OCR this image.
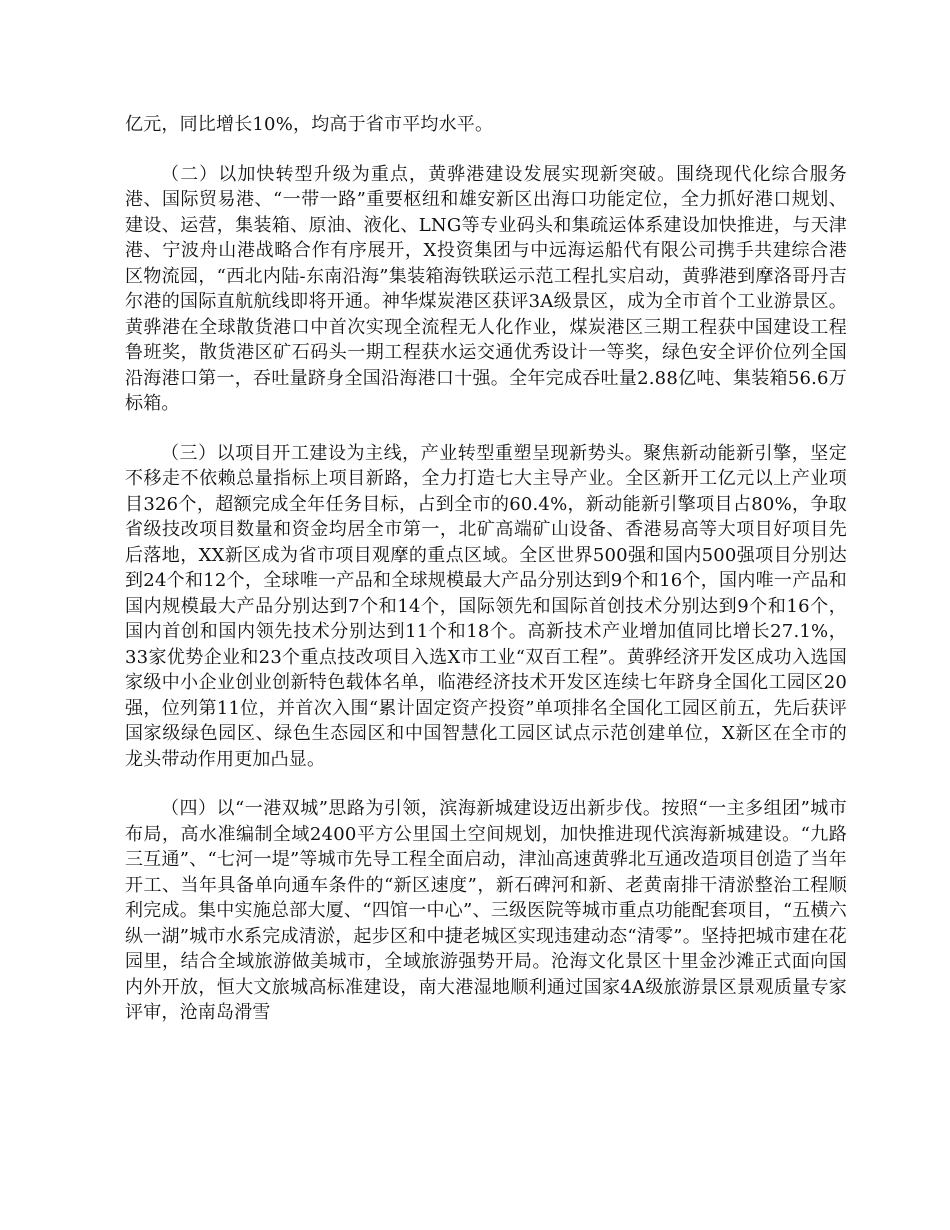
亿元，同比增长10%，均高于省市平均水平。

（二）以加快转型升级为重点，黄骅港建设发展实现新突破。围绕现代化综合服务港、国际贸易港、“一带一路”重要枢纽和雄安新区出海口功能定位，全力抓好港口规划、建设、运营，集装箱、原油、液化、LNG等专业码头和集疏运体系建设加快推进，与天津港、宁波舟山港战略合作有序展开，X投资集团与中远海运船代有限公司携手共建综合港区物流园，“西北内陆-东南沿海”集装箱海铁联运示范工程扎实启动，黄骅港到摩洛哥丹吉尔港的国际直航航线即将开通。神华煤炭港区获评3A级景区，成为全市首个工业游景区。黄骅港在全球散货港口中首次实现全流程无人化作业，煤炭港区三期工程获中国建设工程鲁班奖，散货港区矿石码头一期工程获水运交通优秀设计一等奖，绿色安全评价位列全国沿海港口第一，吞吐量跻身全国沿海港口十强。全年完成吞吐量2.88亿吨、集装箱56.6万标箱。

（三）以项目开工建设为主线，产业转型重塑呈现新势头。聚焦新动能新引擎，坚定不移走不依赖总量指标上项目新路，全力打造七大主导产业。全区新开工亿元以上产业项目326个，超额完成全年任务目标，占到全市的60.4%，新动能新引擎项目占80%，争取省级技改项目数量和资金均居全市第一，北矿高端矿山设备、香港易高等大项目好项目先后落地，XX新区成为省市项目观摩的重点区域。全区世界500强和国内500强项目分别达到24个和12个，全球唯一产品和全球规模最大产品分别达到9个和16个，国内唯一产品和国内规模最大产品分别达到7个和14个，国际领先和国际首创技术分别达到9个和16个，国内首创和国内领先技术分别达到11个和18个。高新技术产业增加值同比增长27.1%，33家优势企业和23个重点技改项目入选X市工业“双百工程”。黄骅经济开发区成功入选国家级中小企业创业创新特色载体名单，临港经济技术开发区连续七年跻身全国化工园区20强，位列第11位，并首次入围“累计固定资产投资”单项排名全国化工园区前五，先后获评国家级绿色园区、绿色生态园区和中国智慧化工园区试点示范创建单位，X新区在全市的龙头带动作用更加凸显。

（四）以“一港双城”思路为引领，滨海新城建设迈出新步伐。按照“一主多组团”城市布局，高水准编制全域2400平方公里国土空间规划，加快推进现代滨海新城建设。“九路三互通”、“七河一堤”等城市先导工程全面启动，津汕高速黄骅北互通改造项目创造了当年开工、当年具备单向通车条件的“新区速度”，新石碑河和新、老黄南排干清淤整治工程顺利完成。集中实施总部大厦、“四馆一中心”、三级医院等城市重点功能配套项目，“五横六纵一湖”城市水系完成清淤，起步区和中捷老城区实现违建动态“清零”。坚持把城市建在花园里，结合全域旅游做美城市，全域旅游强势开局。沧海文化景区十里金沙滩正式面向国内外开放，恒大文旅城高标准建设，南大港湿地顺利通过国家4A级旅游景区景观质量专家评审，沧南岛滑雪
